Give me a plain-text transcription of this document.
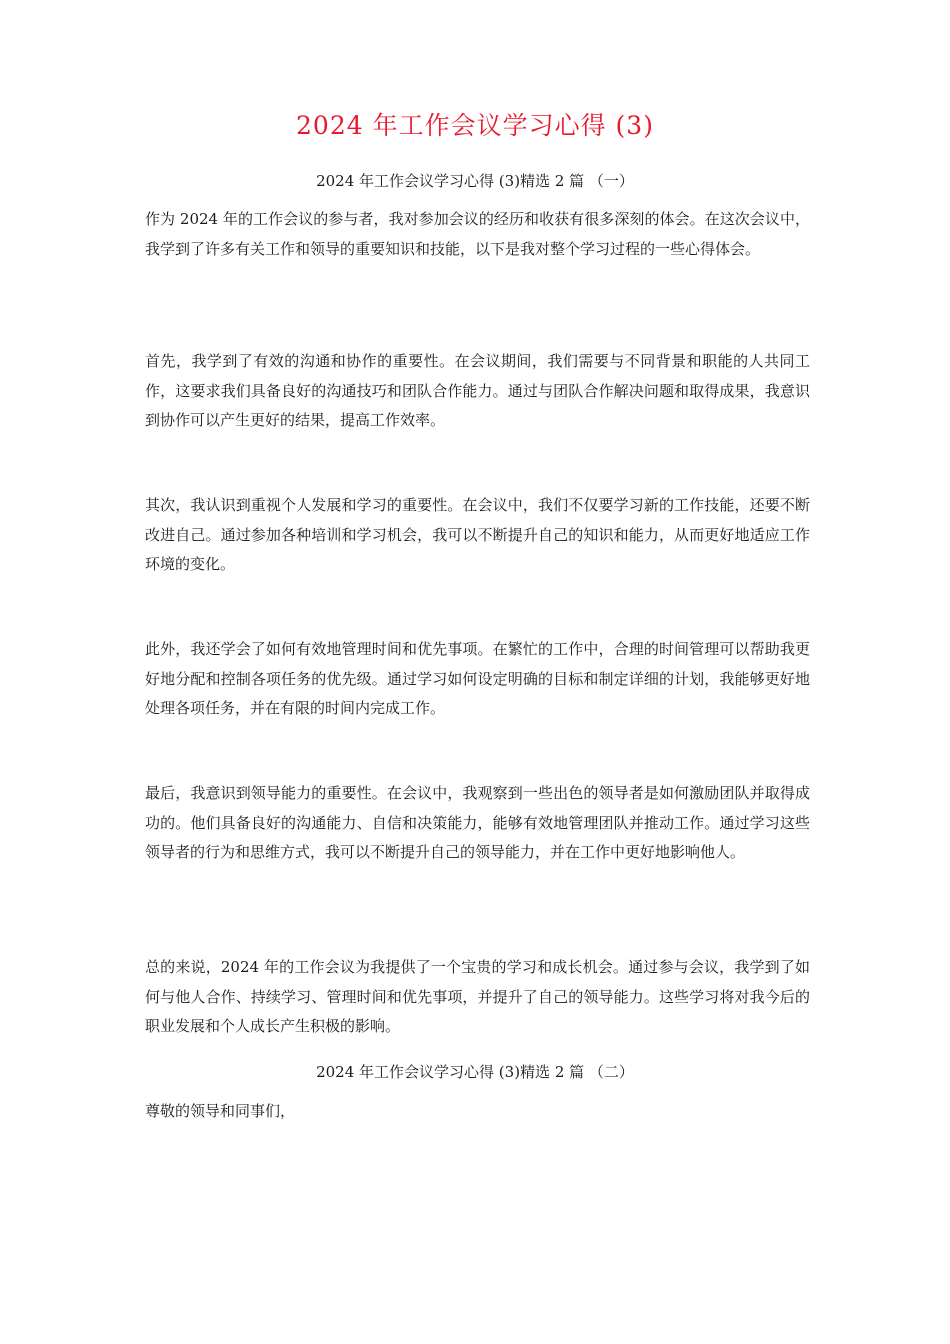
2024 年工作会议学习心得 (3)
2024 年工作会议学习心得 (3)精选 2 篇 （一）

作为 2024 年的工作会议的参与者，我对参加会议的经历和收获有很多深刻的体会。在这次会议中，我学到了许多有关工作和领导的重要知识和技能，以下是我对整个学习过程的一些心得体会。

首先，我学到了有效的沟通和协作的重要性。在会议期间，我们需要与不同背景和职能的人共同工作，这要求我们具备良好的沟通技巧和团队合作能力。通过与团队合作解决问题和取得成果，我意识到协作可以产生更好的结果，提高工作效率。

其次，我认识到重视个人发展和学习的重要性。在会议中，我们不仅要学习新的工作技能，还要不断改进自己。通过参加各种培训和学习机会，我可以不断提升自己的知识和能力，从而更好地适应工作环境的变化。

此外，我还学会了如何有效地管理时间和优先事项。在繁忙的工作中，合理的时间管理可以帮助我更好地分配和控制各项任务的优先级。通过学习如何设定明确的目标和制定详细的计划，我能够更好地处理各项任务，并在有限的时间内完成工作。

最后，我意识到领导能力的重要性。在会议中，我观察到一些出色的领导者是如何激励团队并取得成功的。他们具备良好的沟通能力、自信和决策能力，能够有效地管理团队并推动工作。通过学习这些领导者的行为和思维方式，我可以不断提升自己的领导能力，并在工作中更好地影响他人。

总的来说，2024 年的工作会议为我提供了一个宝贵的学习和成长机会。通过参与会议，我学到了如何与他人合作、持续学习、管理时间和优先事项，并提升了自己的领导能力。这些学习将对我今后的职业发展和个人成长产生积极的影响。

2024 年工作会议学习心得 (3)精选 2 篇 （二）

尊敬的领导和同事们，
